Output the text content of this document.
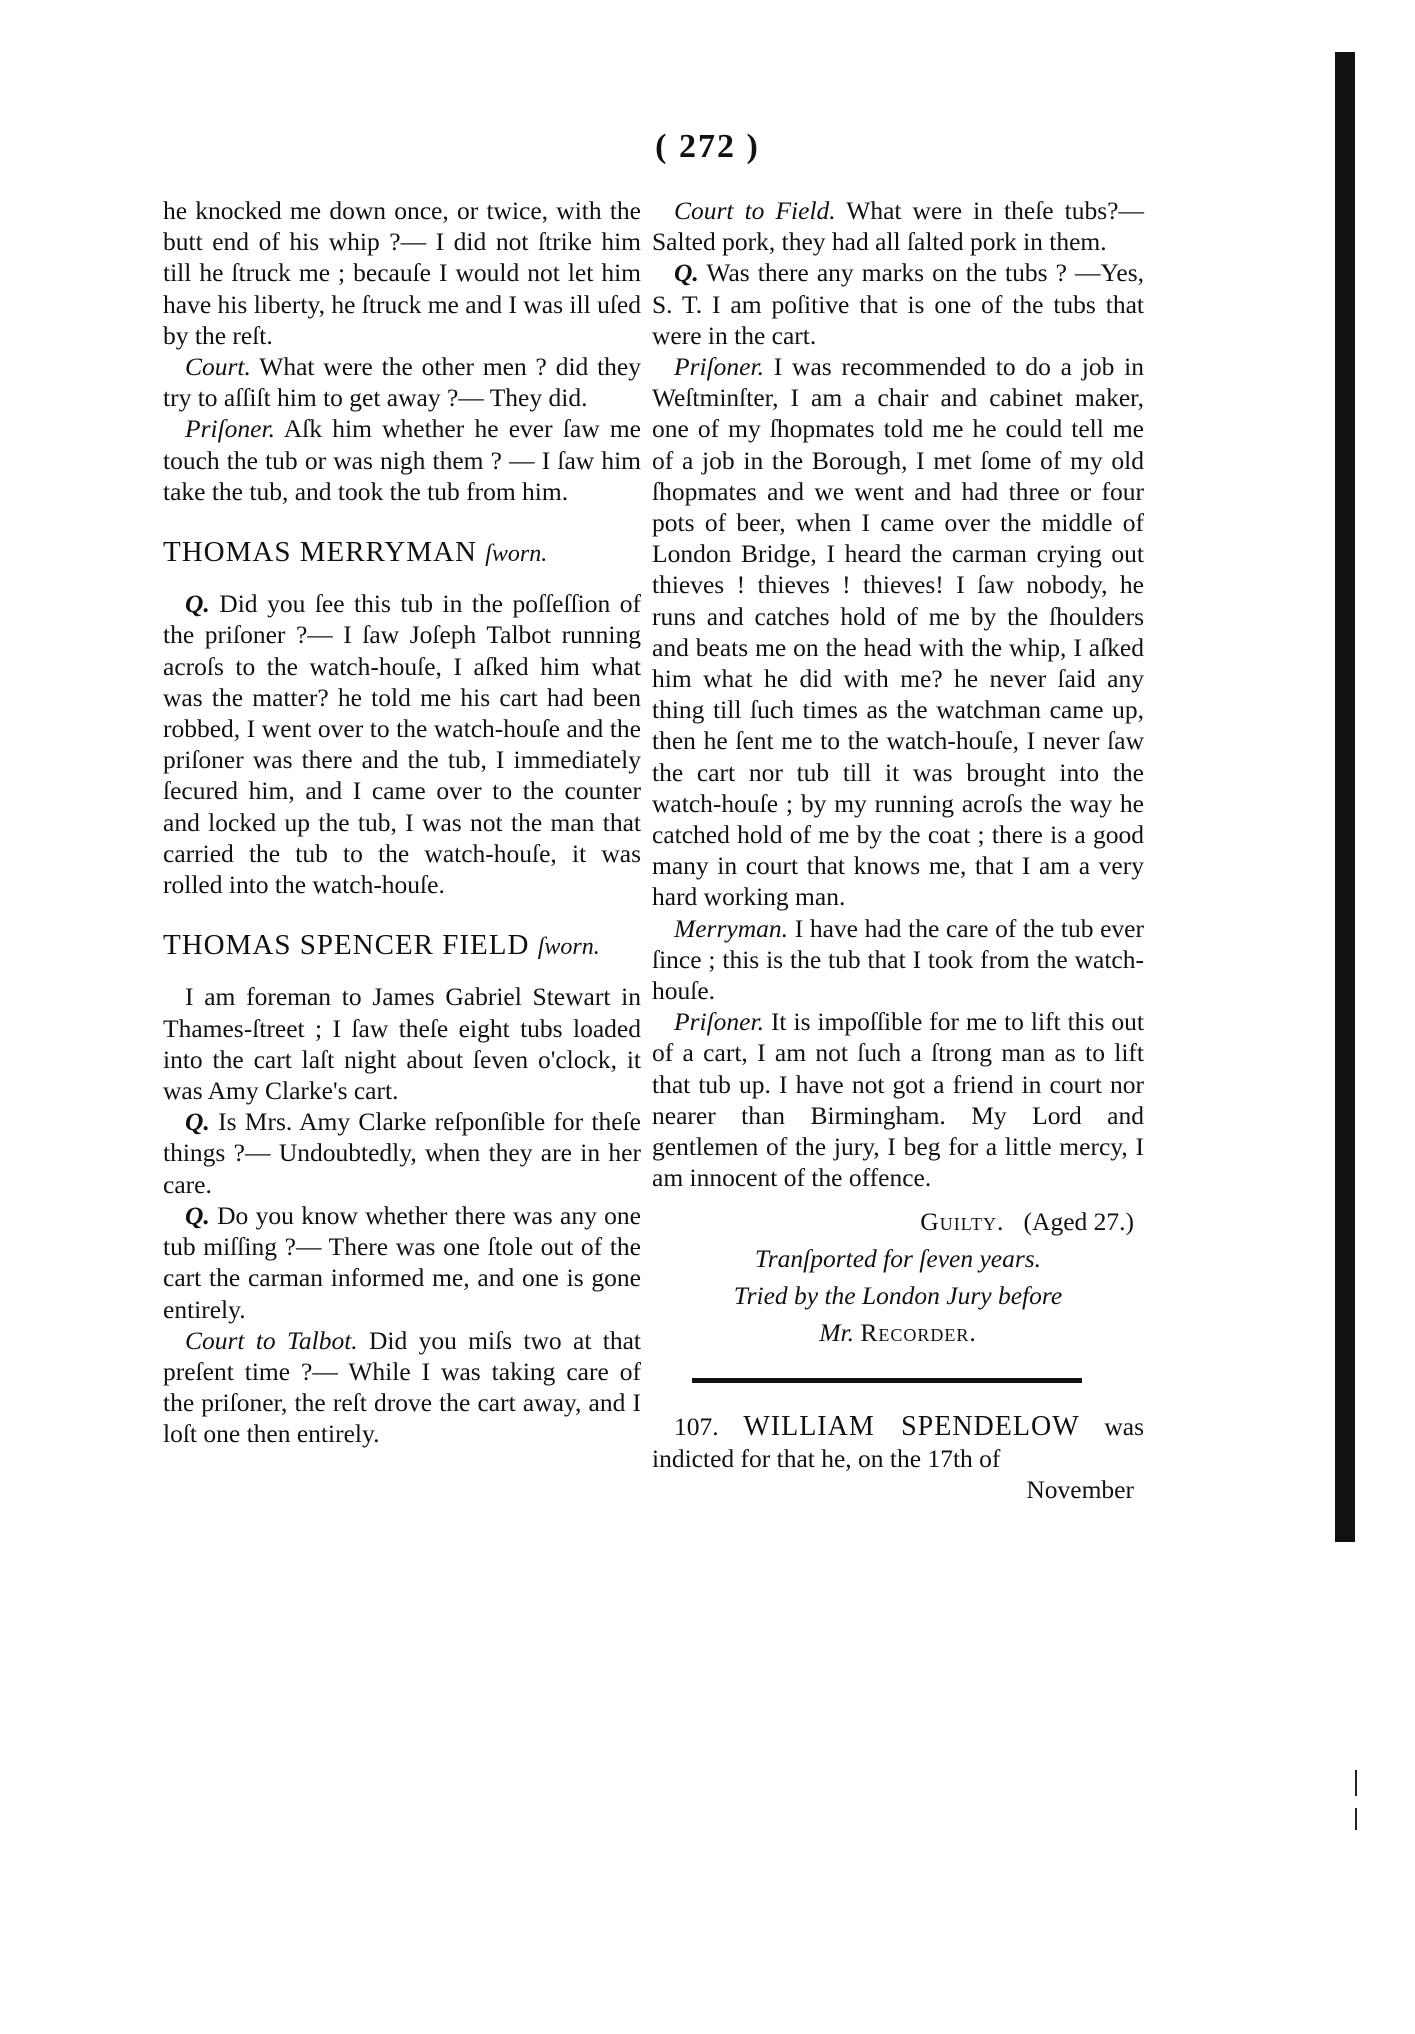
( 272 )

he knocked me down once, or twice, with the butt end of his whip ?— I did not ſtrike him till he ſtruck me ; becauſe I would not let him have his liberty, he ſtruck me and I was ill uſed by the reſt.

Court. What were the other men ? did they try to aſſiſt him to get away ?— They did.

Priſoner. Aſk him whether he ever ſaw me touch the tub or was nigh them ? — I ſaw him take the tub, and took the tub from him.

THOMAS MERRYMAN ſworn.

Q. Did you ſee this tub in the poſſeſſion of the priſoner ?— I ſaw Joſeph Talbot running acroſs to the watch-houſe, I aſked him what was the matter? he told me his cart had been robbed, I went over to the watch-houſe and the priſoner was there and the tub, I immediately ſecured him, and I came over to the counter and locked up the tub, I was not the man that carried the tub to the watch-houſe, it was rolled into the watch-houſe.

THOMAS SPENCER FIELD ſworn.

I am foreman to James Gabriel Stewart in Thames-ſtreet ; I ſaw theſe eight tubs loaded into the cart laſt night about ſeven o'clock, it was Amy Clarke's cart.

Q. Is Mrs. Amy Clarke reſponſible for theſe things ?— Undoubtedly, when they are in her care.

Q. Do you know whether there was any one tub miſſing ?— There was one ſtole out of the cart the carman informed me, and one is gone entirely.

Court to Talbot. Did you miſs two at that preſent time ?— While I was taking care of the priſoner, the reſt drove the cart away, and I loſt one then entirely.

Court to Field. What were in theſe tubs?— Salted pork, they had all ſalted pork in them.

Q. Was there any marks on the tubs ? —Yes, S. T. I am poſitive that is one of the tubs that were in the cart.

Priſoner. I was recommended to do a job in Weſtminſter, I am a chair and cabinet maker, one of my ſhopmates told me he could tell me of a job in the Borough, I met ſome of my old ſhopmates and we went and had three or four pots of beer, when I came over the middle of London Bridge, I heard the carman crying out thieves ! thieves ! thieves! I ſaw nobody, he runs and catches hold of me by the ſhoulders and beats me on the head with the whip, I aſked him what he did with me? he never ſaid any thing till ſuch times as the watchman came up, then he ſent me to the watch-houſe, I never ſaw the cart nor tub till it was brought into the watch-houſe ; by my running acroſs the way he catched hold of me by the coat ; there is a good many in court that knows me, that I am a very hard working man.

Merryman. I have had the care of the tub ever ſince ; this is the tub that I took from the watch-houſe.

Priſoner. It is impoſſible for me to lift this out of a cart, I am not ſuch a ſtrong man as to lift that tub up. I have not got a friend in court nor nearer than Birmingham. My Lord and gentlemen of the jury, I beg for a little mercy, I am innocent of the offence.

Guilty. (Aged 27.)

Tranſported for ſeven years.

Tried by the London Jury before

Mr. Recorder.

107. WILLIAM SPENDELOW was indicted for that he, on the 17th of

November
